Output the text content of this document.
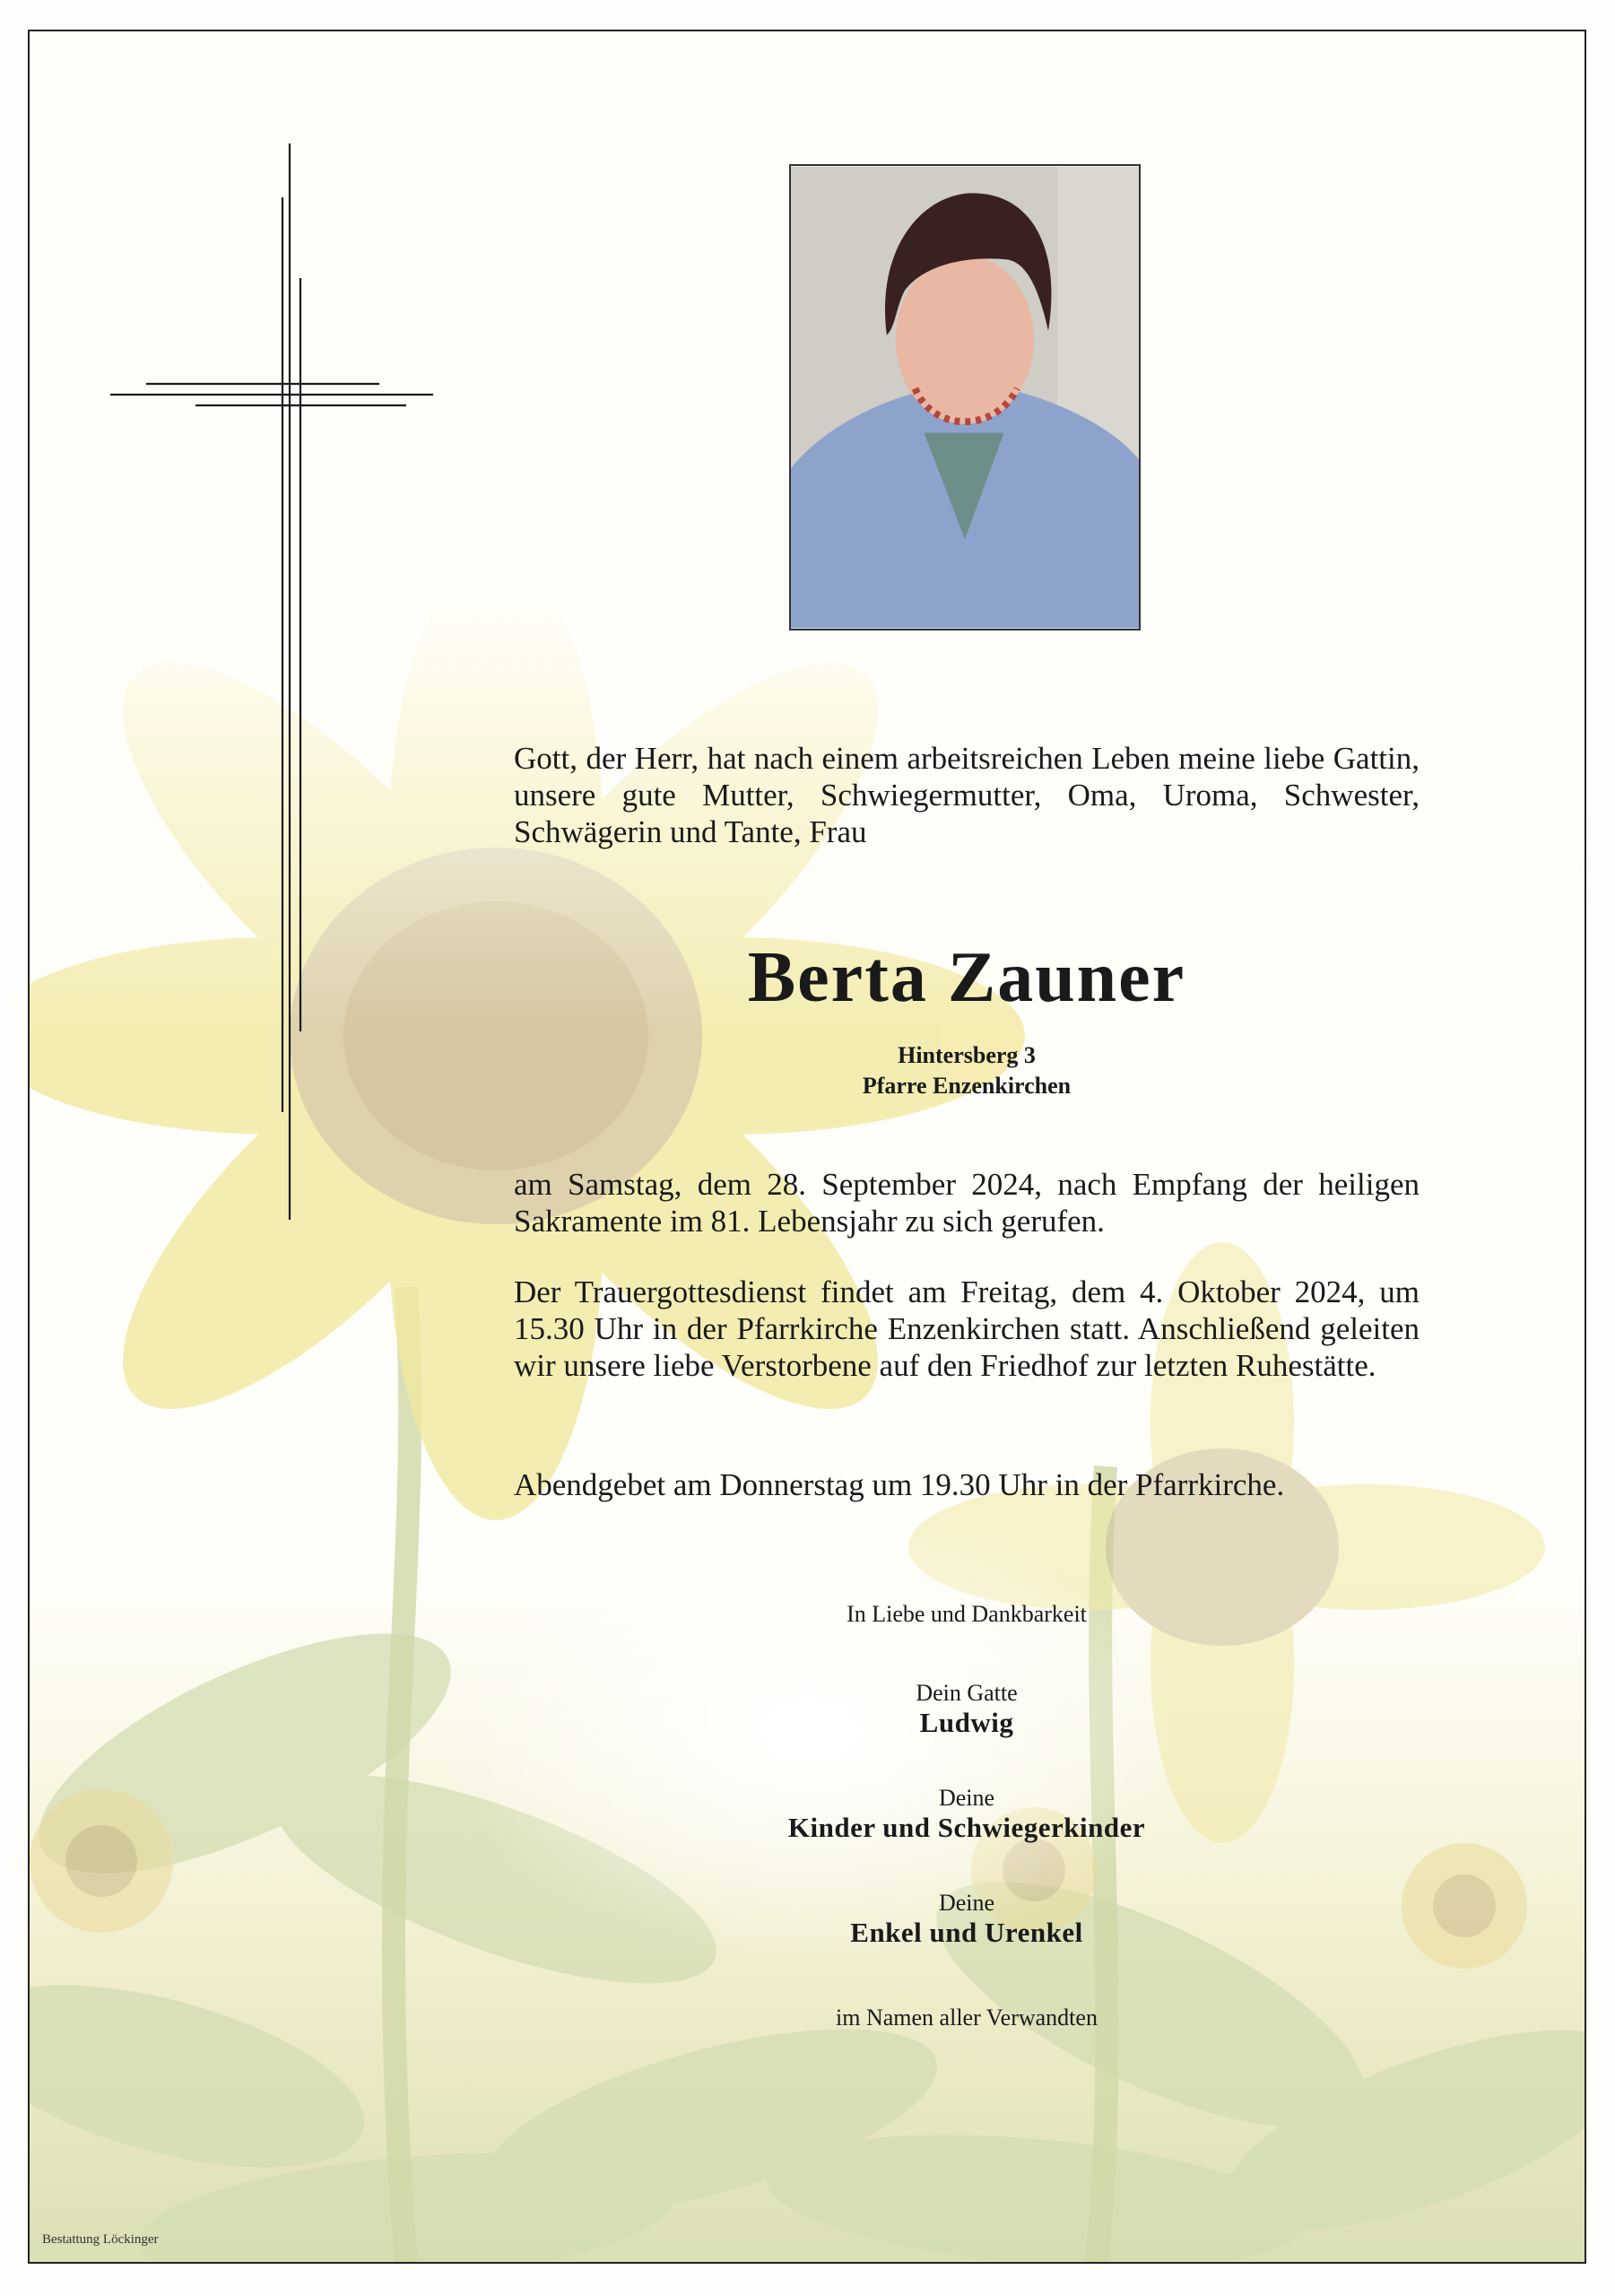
Gott, der Herr, hat nach einem arbeitsreichen Leben meine liebe Gattin, unsere gute Mutter, Schwiegermutter, Oma, Uroma, Schwester, Schwägerin und Tante, Frau
Berta Zauner
Hintersberg 3
Pfarre Enzenkirchen
am Samstag, dem 28. September 2024, nach Empfang der heiligen Sakramente im 81. Lebensjahr zu sich gerufen.
Der Trauergottesdienst findet am Freitag, dem 4. Oktober 2024, um 15.30 Uhr in der Pfarrkirche Enzenkirchen statt. Anschließend geleiten wir unsere liebe Verstorbene auf den Friedhof zur letzten Ruhestätte.
Abendgebet am Donnerstag um 19.30 Uhr in der Pfarrkirche.
In Liebe und Dankbarkeit
Dein Gatte
Ludwig
Deine
Kinder und Schwiegerkinder
Deine
Enkel und Urenkel
im Namen aller Verwandten
Bestattung Löckinger
